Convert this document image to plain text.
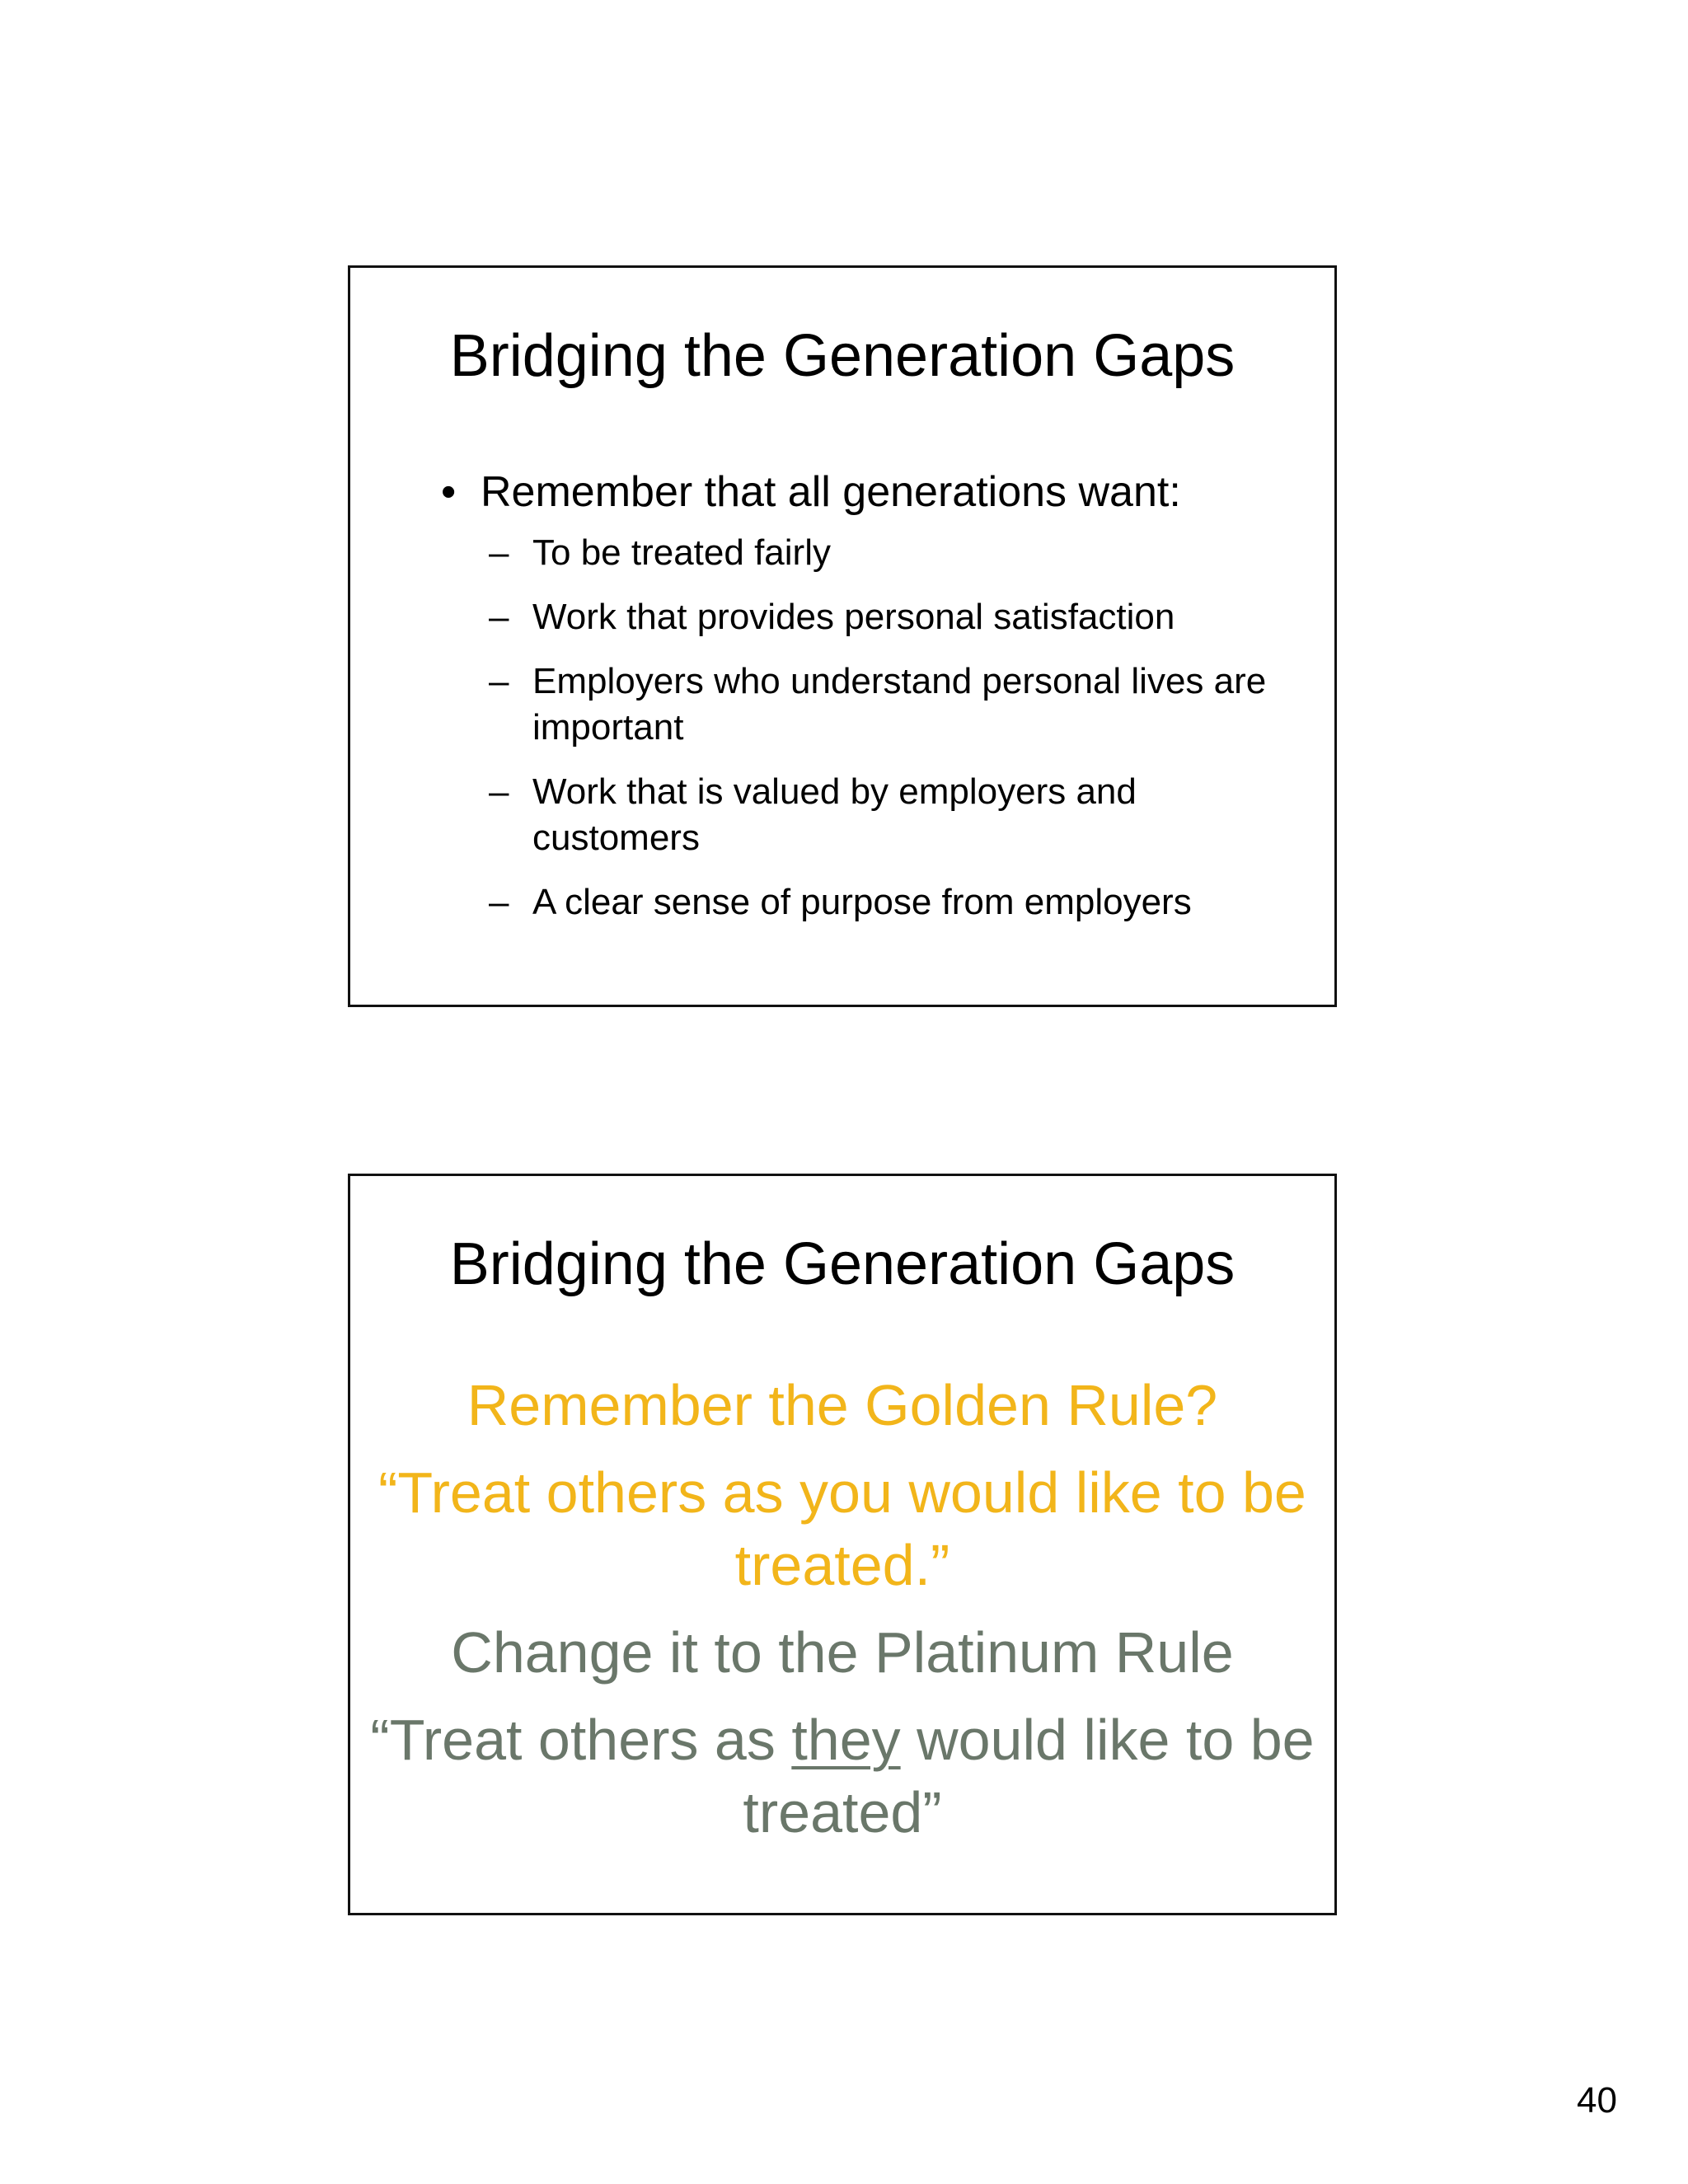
Bridging the Generation Gaps
• Remember that all generations want:
– To be treated fairly
– Work that provides personal satisfaction
– Employers who understand personal lives are important
– Work that is valued by employers and customers
– A clear sense of purpose from employers
Bridging the Generation Gaps

Remember the Golden Rule?

“Treat others as you would like to be treated.”

Change it to the Platinum Rule

“Treat others as they would like to be treated”

40
